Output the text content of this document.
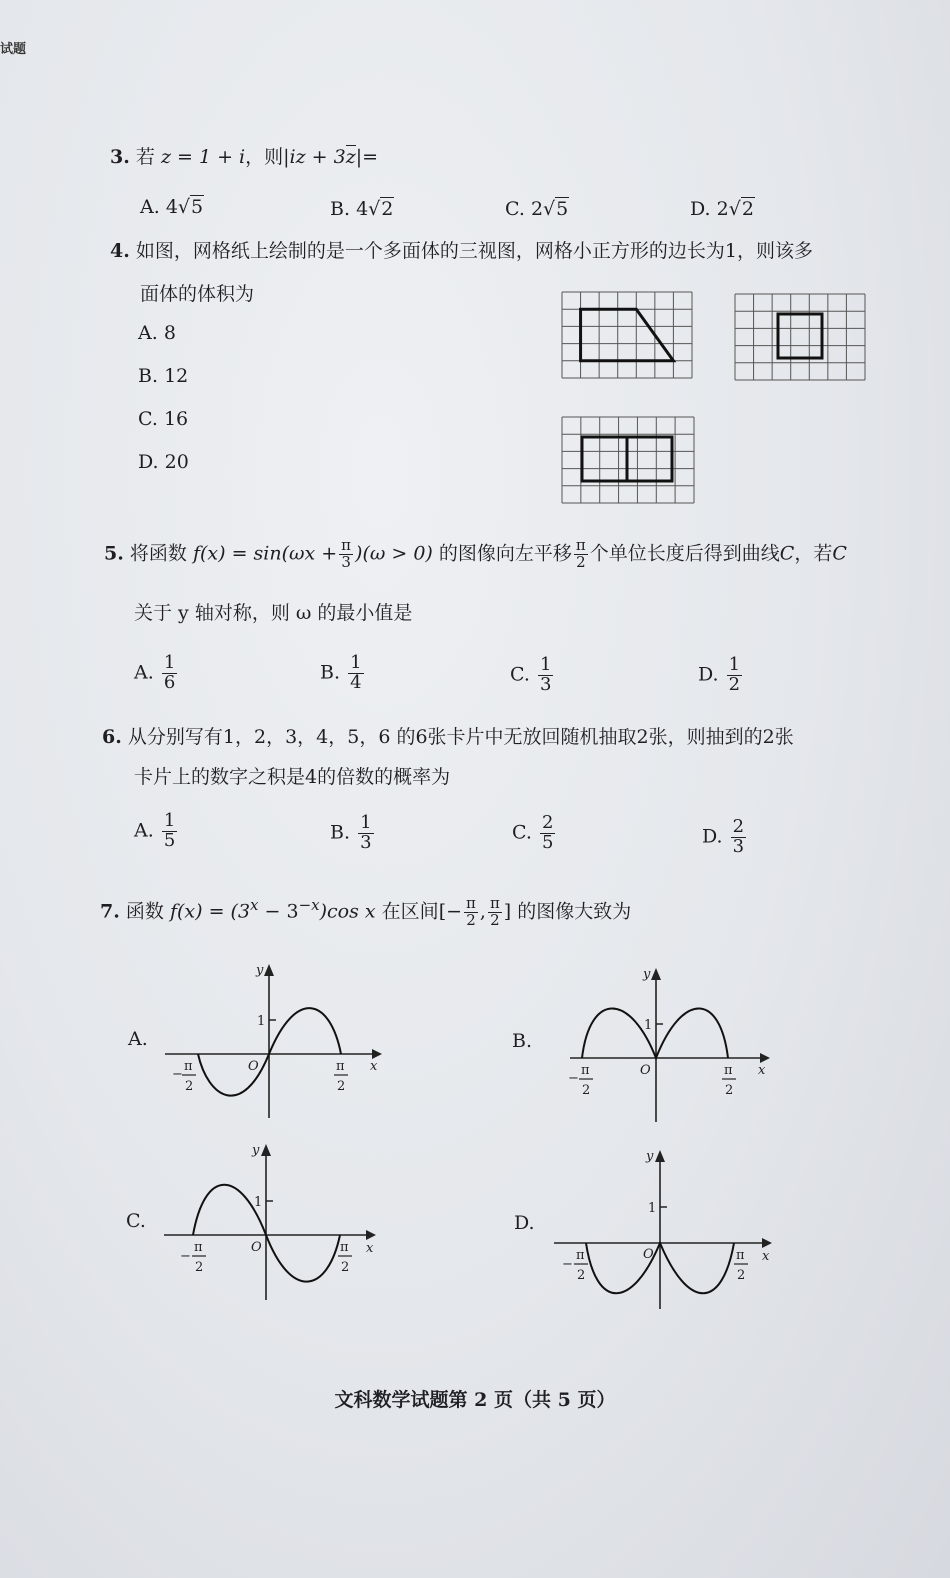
试题
3. 若 z = 1 + i，则|iz + 3z|=
A. 4√5	B. 4√2	C. 2√5	D. 2√2
4. 如图，网格纸上绘制的是一个多面体的三视图，网格小正方形的边长为1，则该多
面体的体积为
A. 8
B. 12
C. 16
D. 20
5. 将函数 $f(x) = \sin(\omega x + \frac{\pi}{3} )(\omega > 0)$ 的图像向左平移 $\frac{\pi}{2}$ 个单位长度后得到曲线C，若C
关于 y 轴对称，则 ω 的最小值是
A. $\frac{1}{6}$	B. $\frac{1}{4}$	C. $\frac{1}{3}$	D. $\frac{1}{2}$
6. 从分别写有1，2，3，4，5，6 的6张卡片中无放回随机抽取2张，则抽到的2张
卡片上的数字之积是4的倍数的概率为
A. $\frac{1}{5}$	B. $\frac{1}{3}$	C. $\frac{2}{5}$	D. $\frac{2}{3}$
7. 函数 $f(x) = (3^x - 3^{-x})\cos$ x 在区间[− $\frac{\pi}{2}$ , $\frac{\pi}{2}$ ] 的图像大致为
A.	B.
C.	D.
y
x
O
1
−
π
2
π
2
y
x
O
1
−
π
2
π
2
y
x
O
1
−
π
2
π
2
y
x
O
1
−
π
2
π
2
文科数学试题第 2 页（共 5 页）
